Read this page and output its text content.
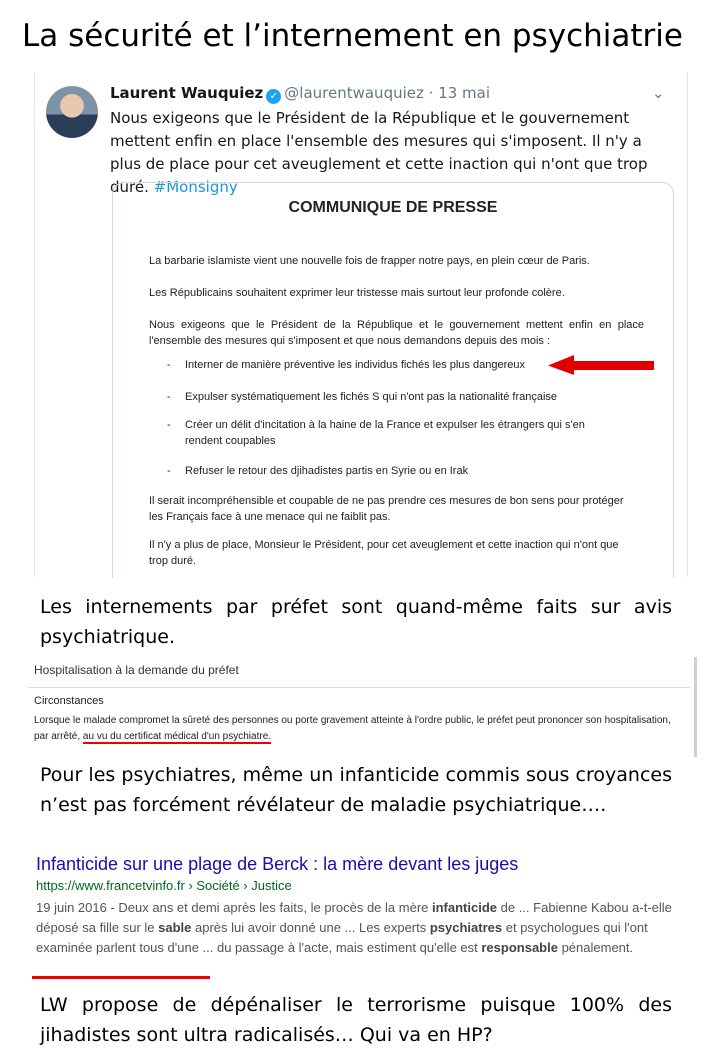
La sécurité et l’internement en psychiatrie
Laurent Wauquiez ✓ @laurentwauquiez · 13 mai	⌄
Nous exigeons que le Président de la République et le gouvernement mettent enfin en place l'ensemble des mesures qui s'imposent. Il n'y a plus de place pour cet aveuglement et cette inaction qui n'ont que trop duré. #Monsigny
COMMUNIQUE DE PRESSE

La barbarie islamiste vient une nouvelle fois de frapper notre pays, en plein cœur de Paris.

Les Républicains souhaitent exprimer leur tristesse mais surtout leur profonde colère.

Nous exigeons que le Président de la République et le gouvernement mettent enfin en place l'ensemble des mesures qui s'imposent et que nous demandons depuis des mois :

- Interner de manière préventive les individus fichés les plus dangereux
- Expulser systématiquement les fichés S qui n'ont pas la nationalité française
- Créer un délit d'incitation à la haine de la France et expulser les étrangers qui s'en rendent coupables
- Refuser le retour des djihadistes partis en Syrie ou en Irak

Il serait incompréhensible et coupable de ne pas prendre ces mesures de bon sens pour protéger les Français face à une menace qui ne faiblit pas.

Il n'y a plus de place, Monsieur le Président, pour cet aveuglement et cette inaction qui n'ont que trop duré.

Les internements par préfet sont quand-même faits sur avis psychiatrique.
Hospitalisation à la demande du préfet
Circonstances
Lorsque le malade compromet la sûreté des personnes ou porte gravement atteinte à l'ordre public, le préfet peut prononcer son hospitalisation, par arrêté, au vu du certificat médical d'un psychiatre.
Pour les psychiatres, même un infanticide commis sous croyances n’est pas forcément révélateur de maladie psychiatrique….
Infanticide sur une plage de Berck : la mère devant les juges
https://www.francetvinfo.fr › Société › Justice
19 juin 2016 - Deux ans et demi après les faits, le procès de la mère infanticide de ... Fabienne Kabou a-t-elle déposé sa fille sur le sable après lui avoir donné une ... Les experts psychiatres et psychologues qui l'ont examinée parlent tous d'une ... du passage à l'acte, mais estiment qu'elle est responsable pénalement.
LW propose de dépénaliser le terrorisme puisque 100% des jihadistes sont ultra radicalisés… Qui va en HP?
